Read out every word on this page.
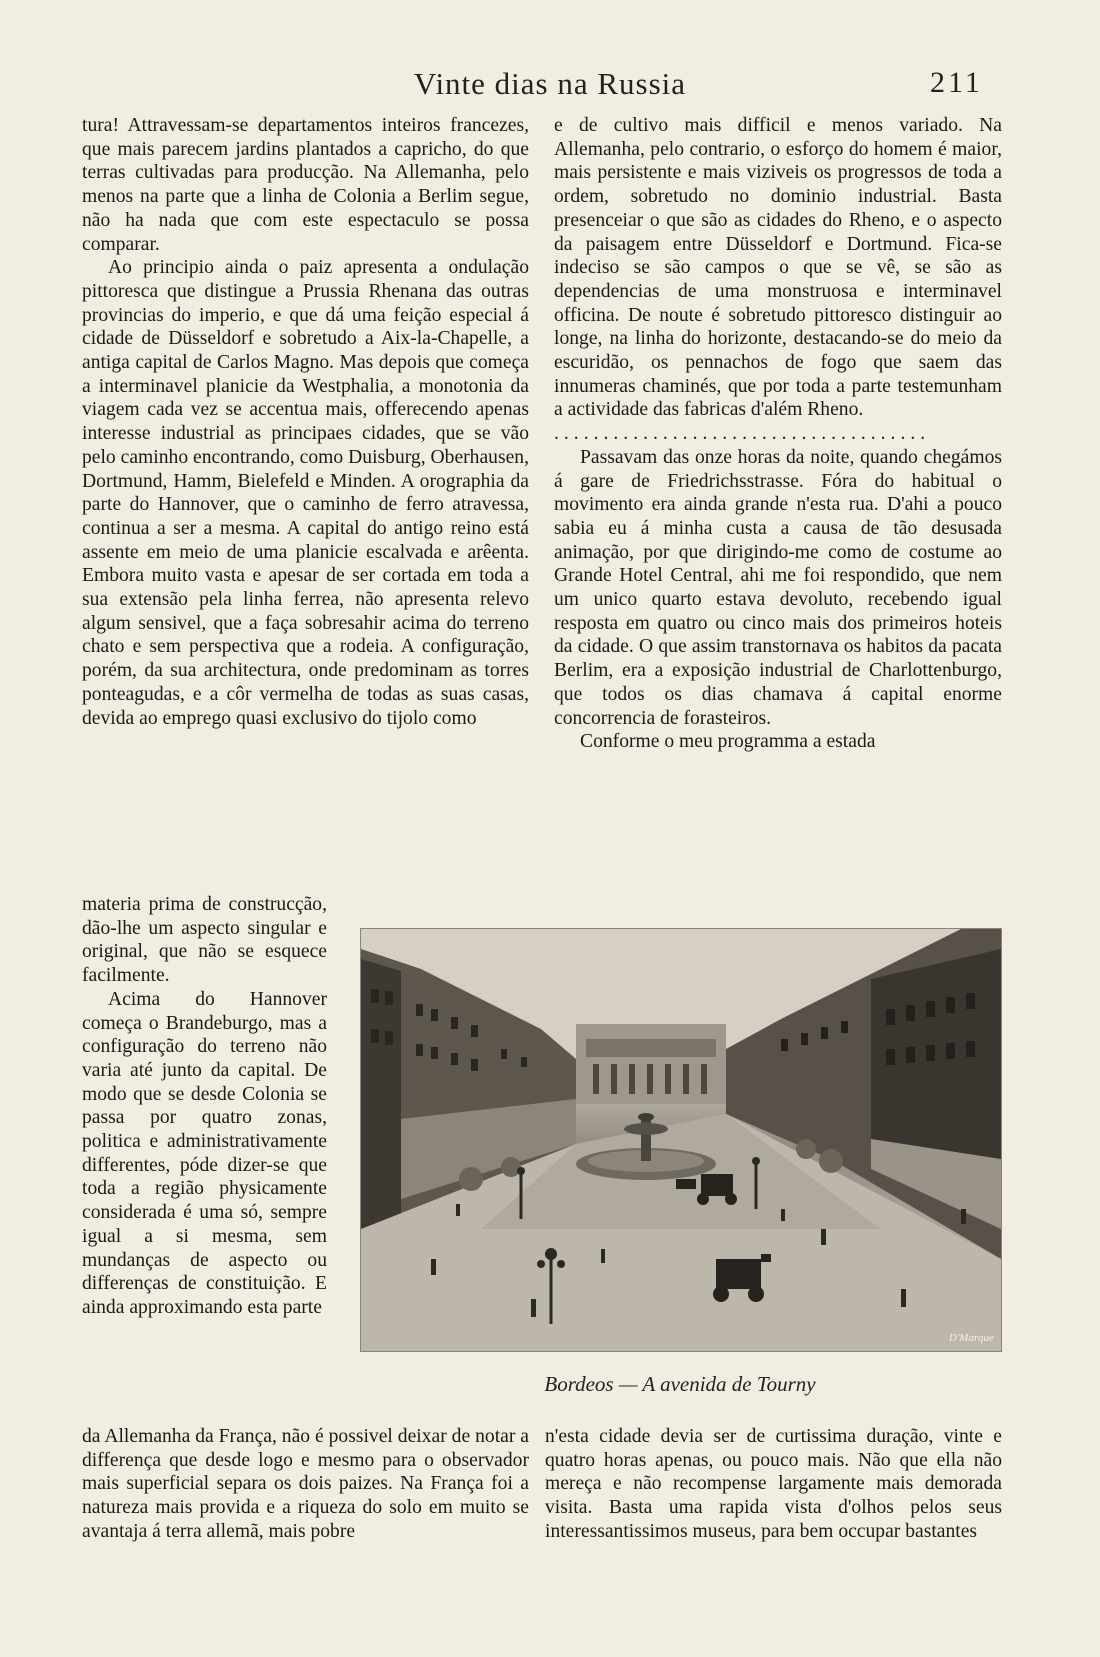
Vinte dias na Russia	211

tura! Attravessam-se departamentos inteiros francezes, que mais parecem jardins plantados a capricho, do que terras cultivadas para producção. Na Allemanha, pelo menos na parte que a linha de Colonia a Berlim segue, não ha nada que com este espectaculo se possa comparar.

Ao principio ainda o paiz apresenta a ondulação pittoresca que distingue a Prussia Rhenana das outras provincias do imperio, e que dá uma feição especial á cidade de Düsseldorf e sobretudo a Aix-la-Chapelle, a antiga capital de Carlos Magno. Mas depois que começa a interminavel planicie da Westphalia, a monotonia da viagem cada vez se accentua mais, offerecendo apenas interesse industrial as principaes cidades, que se vão pelo caminho encontrando, como Duisburg, Oberhausen, Dortmund, Hamm, Bielefeld e Minden. A orographia da parte do Hannover, que o caminho de ferro atravessa, continua a ser a mesma. A capital do antigo reino está assente em meio de uma planicie escalvada e arêenta. Embora muito vasta e apesar de ser cortada em toda a sua extensão pela linha ferrea, não apresenta relevo algum sensivel, que a faça sobresahir acima do terreno chato e sem perspectiva que a rodeia. A configuração, porém, da sua architectura, onde predominam as torres ponteagudas, e a côr vermelha de todas as suas casas, devida ao emprego quasi exclusivo do tijolo como

materia prima de construcção, dão-lhe um aspecto singular e original, que não se esquece facilmente.

Acima do Hannover começa o Brandeburgo, mas a configuração do terreno não varia até junto da capital. De modo que se desde Colonia se passa por quatro zonas, politica e administrativamente differentes, póde dizer-se que toda a região physicamente considerada é uma só, sempre igual a si mesma, sem mundanças de aspecto ou differenças de constituição. E ainda approximando esta parte

da Allemanha da França, não é possivel deixar de notar a differença que desde logo e mesmo para o observador mais superficial separa os dois paizes. Na França foi a natureza mais provida e a riqueza do solo em muito se avantaja á terra allemã, mais pobre

e de cultivo mais difficil e menos variado. Na Allemanha, pelo contrario, o esforço do homem é maior, mais persistente e mais viziveis os progressos de toda a ordem, sobretudo no dominio industrial. Basta presenceiar o que são as cidades do Rheno, e o aspecto da paisagem entre Düsseldorf e Dortmund. Fica-se indeciso se são campos o que se vê, se são as dependencias de uma monstruosa e interminavel officina. De noute é sobretudo pittoresco distinguir ao longe, na linha do horizonte, destacando-se do meio da escuridão, os pennachos de fogo que saem das innumeras chaminés, que por toda a parte testemunham a actividade das fabricas d'além Rheno.

......................................

Passavam das onze horas da noite, quando chegámos á gare de Friedrichsstrasse. Fóra do habitual o movimento era ainda grande n'esta rua. D'ahi a pouco sabia eu á minha custa a causa de tão desusada animação, por que dirigindo-me como de costume ao Grande Hotel Central, ahi me foi respondido, que nem um unico quarto estava devoluto, recebendo igual resposta em quatro ou cinco mais dos primeiros hoteis da cidade. O que assim transtornava os habitos da pacata Berlim, era a exposição industrial de Charlottenburgo, que todos os dias chamava á capital enorme concorrencia de forasteiros.

Conforme o meu programma a estada

n'esta cidade devia ser de curtissima duração, vinte e quatro horas apenas, ou pouco mais. Não que ella não mereça e não recompense largamente mais demorada visita. Basta uma rapida vista d'olhos pelos seus interessantissimos museus, para bem occupar bastantes

D'Marque
Bordeos — A avenida de Tourny
